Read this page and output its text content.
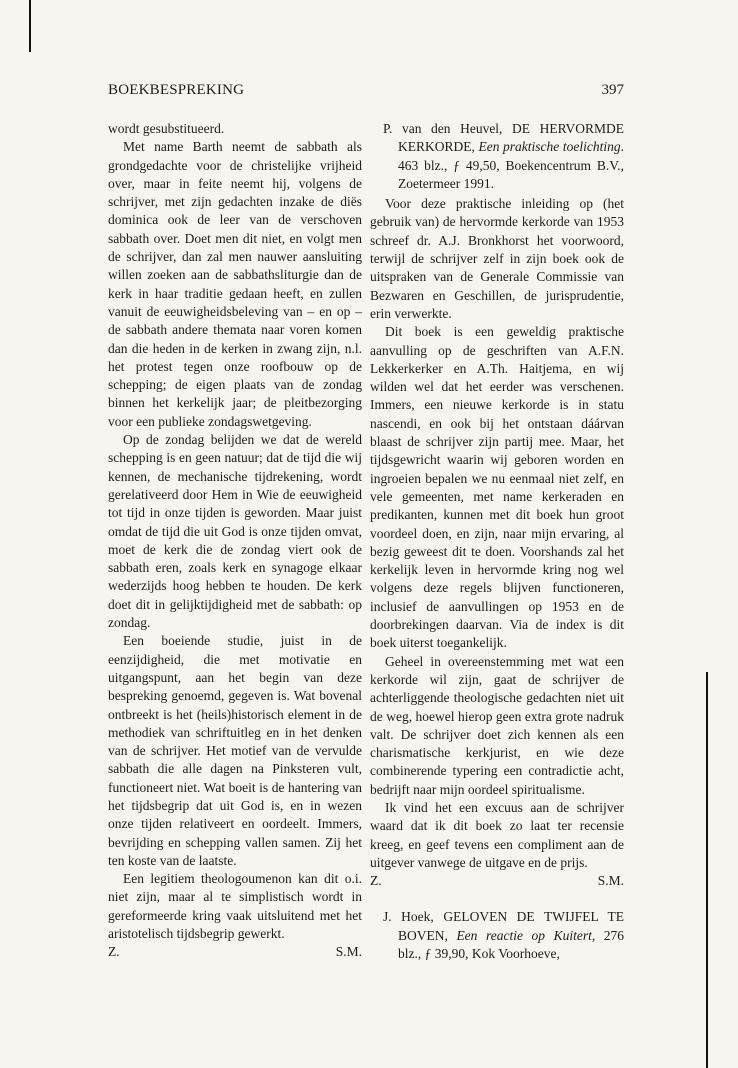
BOEKBESPREKING	397

wordt gesubstitueerd.

Met name Barth neemt de sabbath als grondgedachte voor de christelijke vrijheid over, maar in feite neemt hij, volgens de schrijver, met zijn gedachten inzake de diës dominica ook de leer van de verschoven sabbath over. Doet men dit niet, en volgt men de schrijver, dan zal men nauwer aansluiting willen zoeken aan de sabbathsliturgie dan de kerk in haar traditie gedaan heeft, en zullen vanuit de eeuwigheidsbeleving van – en op – de sabbath andere themata naar voren komen dan die heden in de kerken in zwang zijn, n.l. het protest tegen onze roofbouw op de schepping; de eigen plaats van de zondag binnen het kerkelijk jaar; de pleitbezorging voor een publieke zondagswetgeving.

Op de zondag belijden we dat de wereld schepping is en geen natuur; dat de tijd die wij kennen, de mechanische tijdrekening, wordt gerelativeerd door Hem in Wie de eeuwigheid tot tijd in onze tijden is geworden. Maar juist omdat de tijd die uit God is onze tijden omvat, moet de kerk die de zondag viert ook de sabbath eren, zoals kerk en synagoge elkaar wederzijds hoog hebben te houden. De kerk doet dit in gelijktijdigheid met de sabbath: op zondag.

Een boeiende studie, juist in de eenzijdigheid, die met motivatie en uitgangspunt, aan het begin van deze bespreking genoemd, gegeven is. Wat bovenal ontbreekt is het (heils)historisch element in de methodiek van schriftuitleg en in het denken van de schrijver. Het motief van de vervulde sabbath die alle dagen na Pinksteren vult, functioneert niet. Wat boeit is de hantering van het tijdsbegrip dat uit God is, en in wezen onze tijden relativeert en oordeelt. Immers, bevrijding en schepping vallen samen. Zij het ten koste van de laatste.

Een legitiem theologoumenon kan dit o.i. niet zijn, maar al te simplistisch wordt in gereformeerde kring vaak uitsluitend met het aristotelisch tijdsbegrip gewerkt.

Z.	S.M.

P. van den Heuvel, DE HERVORMDE KERKORDE, Een praktische toelichting. 463 blz., ƒ 49,50, Boekencentrum B.V., Zoetermeer 1991.

Voor deze praktische inleiding op (het gebruik van) de hervormde kerkorde van 1953 schreef dr. A.J. Bronkhorst het voorwoord, terwijl de schrijver zelf in zijn boek ook de uitspraken van de Generale Commissie van Bezwaren en Geschillen, de jurisprudentie, erin verwerkte.

Dit boek is een geweldig praktische aanvulling op de geschriften van A.F.N. Lekkerkerker en A.Th. Haitjema, en wij wilden wel dat het eerder was verschenen. Immers, een nieuwe kerkorde is in statu nascendi, en ook bij het ontstaan dáárvan blaast de schrijver zijn partij mee. Maar, het tijdsgewricht waarin wij geboren worden en ingroeien bepalen we nu eenmaal niet zelf, en vele gemeenten, met name kerkeraden en predikanten, kunnen met dit boek hun groot voordeel doen, en zijn, naar mijn ervaring, al bezig geweest dit te doen. Voorshands zal het kerkelijk leven in hervormde kring nog wel volgens deze regels blijven functioneren, inclusief de aanvullingen op 1953 en de doorbrekingen daarvan. Via de index is dit boek uiterst toegankelijk.

Geheel in overeenstemming met wat een kerkorde wil zijn, gaat de schrijver de achterliggende theologische gedachten niet uit de weg, hoewel hierop geen extra grote nadruk valt. De schrijver doet zich kennen als een charismatische kerkjurist, en wie deze combinerende typering een contradictie acht, bedrijft naar mijn oordeel spiritualisme.

Ik vind het een excuus aan de schrijver waard dat ik dit boek zo laat ter recensie kreeg, en geef tevens een compliment aan de uitgever vanwege de uitgave en de prijs.

Z.	S.M.

J. Hoek, GELOVEN DE TWIJFEL TE BOVEN, Een reactie op Kuitert, 276 blz., ƒ 39,90, Kok Voorhoeve,
